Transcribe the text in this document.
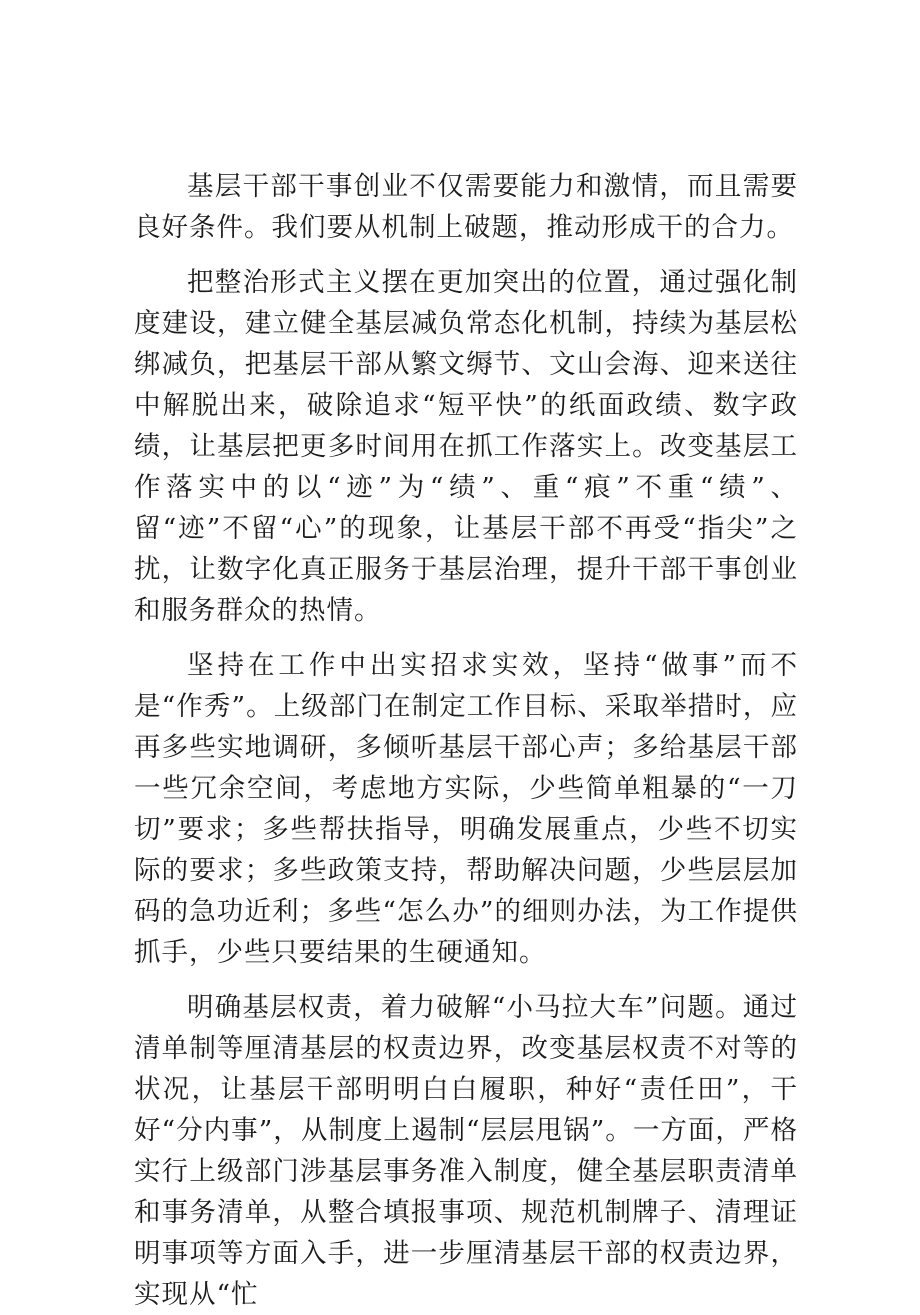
基层干部干事创业不仅需要能力和激情，而且需要良好条件。我们要从机制上破题，推动形成干的合力。

把整治形式主义摆在更加突出的位置，通过强化制度建设，建立健全基层减负常态化机制，持续为基层松绑减负，把基层干部从繁文缛节、文山会海、迎来送往中解脱出来，破除追求“短平快”的纸面政绩、数字政绩，让基层把更多时间用在抓工作落实上。改变基层工作落实中的以“迹”为“绩”、重“痕”不重“绩”、留“迹”不留“心”的现象，让基层干部不再受“指尖”之扰，让数字化真正服务于基层治理，提升干部干事创业和服务群众的热情。

坚持在工作中出实招求实效，坚持“做事”而不是“作秀”。上级部门在制定工作目标、采取举措时，应再多些实地调研，多倾听基层干部心声；多给基层干部一些冗余空间，考虑地方实际，少些简单粗暴的“一刀切”要求；多些帮扶指导，明确发展重点，少些不切实际的要求；多些政策支持，帮助解决问题，少些层层加码的急功近利；多些“怎么办”的细则办法，为工作提供抓手，少些只要结果的生硬通知。

明确基层权责，着力破解“小马拉大车”问题。通过清单制等厘清基层的权责边界，改变基层权责不对等的状况，让基层干部明明白白履职，种好“责任田”，干好“分内事”，从制度上遏制“层层甩锅”。一方面，严格实行上级部门涉基层事务准入制度，健全基层职责清单和事务清单，从整合填报事项、规范机制牌子、清理证明事项等方面入手，进一步厘清基层干部的权责边界，实现从“忙
